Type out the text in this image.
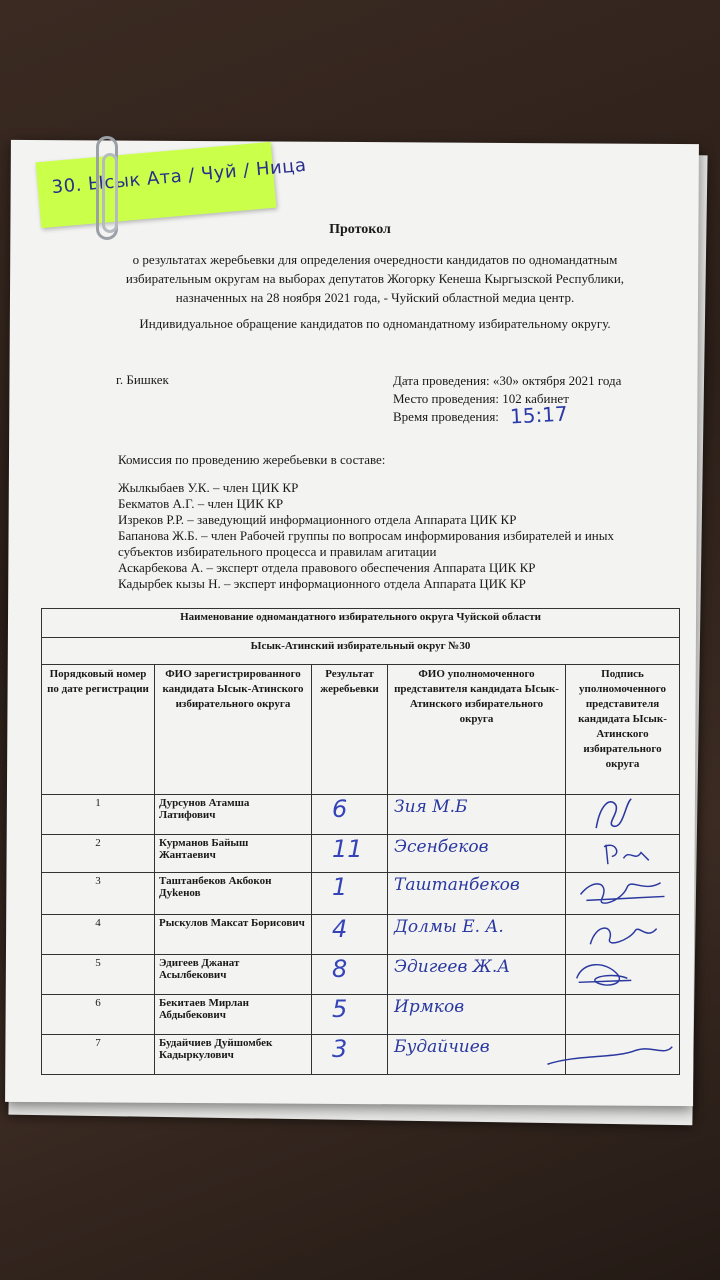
30. Ыcык Ата / Чуй / Ница
Протокол
о результатах жеребьевки для определения очередности кандидатов по одномандатным
избирательным округам на выборах депутатов Жогорку Кенеша Кыргызской Республики,
назначенных на 28 ноября 2021 года, - Чуйский областной медиа центр.
Индивидуальное обращение кандидатов по одномандатному избирательному округу.
г. Бишкек	Дата проведения: «30» октября 2021 года
Место проведения: 102 кабинет
Время проведения: 15:17
Комиссия по проведению жеребьевки в составе:
Жылкыбаев У.К. – член ЦИК КР
Бекматов А.Г. – член ЦИК КР
Изреков Р.Р. – заведующий информационного отдела Аппарата ЦИК КР
Бапанова Ж.Б. – член Рабочей группы по вопросам информирования избирателей и иных субъектов избирательного процесса и правилам агитации
Аскарбекова А. – эксперт отдела правового обеспечения Аппарата ЦИК КР
Кадырбек кызы Н. – эксперт информационного отдела Аппарата ЦИК КР
Наименование одномандатного избирательного округа Чуйской области				
Ысык-Атинский избирательный округ №30				
Порядковый номер по дате регистрации	ФИО зарегистрированного кандидата Ысык-Атинского избирательного округа	Результат жеребьевки	ФИО уполномоченного представителя кандидата Ысык-Атинского избирательного округа	Подпись уполномоченного представителя кандидата Ысык-Атинского избирательного округа
1	Дурсунов Атамша Латифович	6	Зия М.Б

2	Курманов Байыш Жантаевич	11	Эсенбеков

3	Таштанбеков Акбокон Дуkeнов	1	Таштанбеков

4	Рыскулов Максат Борисович	4	Долмы Е. А.

5	Эдигеев Джанат Асылбекович	8	Эдигеев Ж.А

6	Бекитаев Мирлан Абдыбекович	5	Ирмков	

7	Будайчиев Дуйшомбек Кадыркулович	3	Будайчиев
